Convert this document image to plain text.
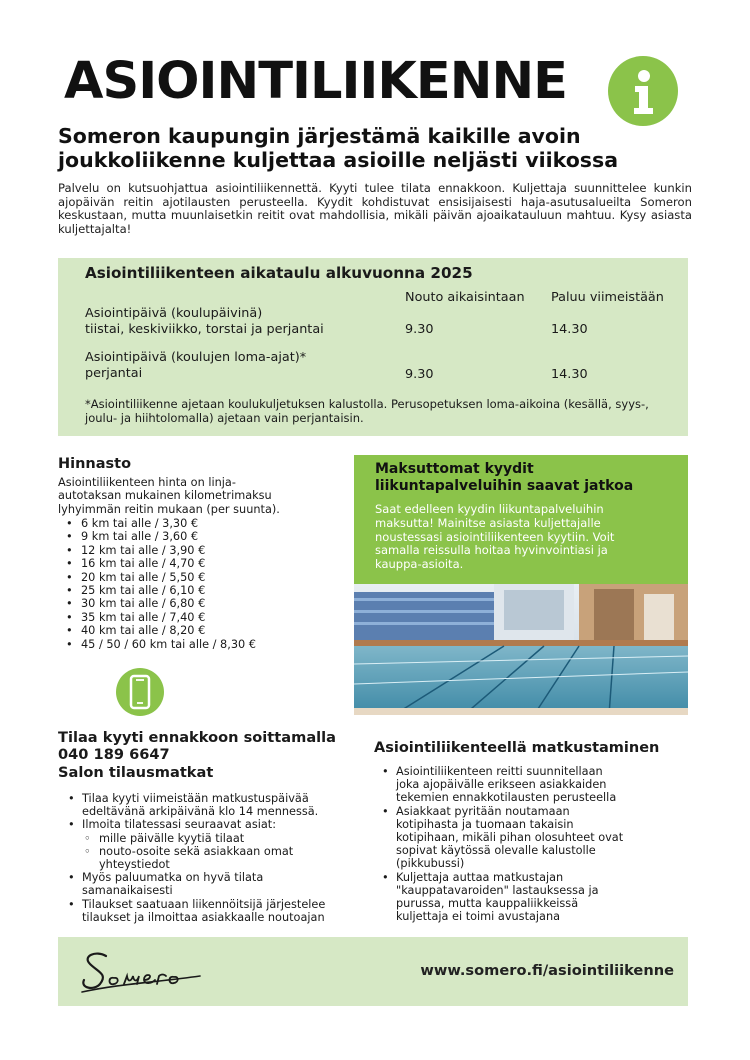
ASIOINTILIIKENNE
Someron kaupungin järjestämä kaikille avoin joukkoliikenne kuljettaa asioille neljästi viikossa
Palvelu on kutsuohjattua asiointiliikennettä. Kyyti tulee tilata ennakkoon. Kuljettaja suunnittelee kunkin ajopäivän reitin ajotilausten perusteella. Kyydit kohdistuvat ensisijaisesti haja-asutusalueilta Someron keskustaan, mutta muunlaisetkin reitit ovat mahdollisia, mikäli päivän ajoaikatauluun mahtuu. Kysy asiasta kuljettajalta!
Asiointiliikenteen aikataulu alkuvuonna 2025
Nouto aikaisintaan Paluu viimeistään
Asiointipäivä (koulupäivinä)
tiistai, keskiviikko, torstai ja perjantai	9.30	14.30
Asiointipäivä (koulujen loma-ajat)*
perjantai	9.30	14.30
*Asiointiliikenne ajetaan koulukuljetuksen kalustolla. Perusopetuksen loma-aikoina (kesällä, syys-, joulu- ja hiihtolomalla) ajetaan vain perjantaisin.
Hinnasto
Asiointiliikenteen hinta on linja-
autotaksan mukainen kilometrimaksu
lyhyimmän reitin mukaan (per suunta).
• 6 km tai alle / 3,30 €
• 9 km tai alle / 3,60 €
• 12 km tai alle / 3,90 €
• 16 km tai alle / 4,70 €
• 20 km tai alle / 5,50 €
• 25 km tai alle / 6,10 €
• 30 km tai alle / 6,80 €
• 35 km tai alle / 7,40 €
• 40 km tai alle / 8,20 €
• 45 / 50 / 60 km tai alle / 8,30 €
Maksuttomat kyydit
liikuntapalveluihin saavat jatkoa
Saat edelleen kyydin liikuntapalveluihin
maksutta! Mainitse asiasta kuljettajalle
noustessasi asiointiliikenteen kyytiin. Voit
samalla reissulla hoitaa hyvinvointiasi ja
kauppa-asioita.
Tilaa kyyti ennakkoon soittamalla
040 189 6647
Salon tilausmatkat
• Tilaa kyyti viimeistään matkustuspäivää
edeltävänä arkipäivänä klo 14 mennessä.
• Ilmoita tilatessasi seuraavat asiat:
◦ mille päivälle kyytiä tilaat
◦ nouto-osoite sekä asiakkaan omat
yhteystiedot
• Myös paluumatka on hyvä tilata
samanaikaisesti
• Tilaukset saatuaan liikennöitsijä järjestelee
tilaukset ja ilmoittaa asiakkaalle noutoajan
Asiointiliikenteellä matkustaminen
• Asiointiliikenteen reitti suunnitellaan
joka ajopäivälle erikseen asiakkaiden
tekemien ennakkotilausten perusteella
• Asiakkaat pyritään noutamaan
kotipihasta ja tuomaan takaisin
kotipihaan, mikäli pihan olosuhteet ovat
sopivat käytössä olevalle kalustolle
(pikkubussi)
• Kuljettaja auttaa matkustajan
"kauppatavaroiden" lastauksessa ja
purussa, mutta kauppaliikkeissä
kuljettaja ei toimi avustajana
www.somero.fi/asiointiliikenne
